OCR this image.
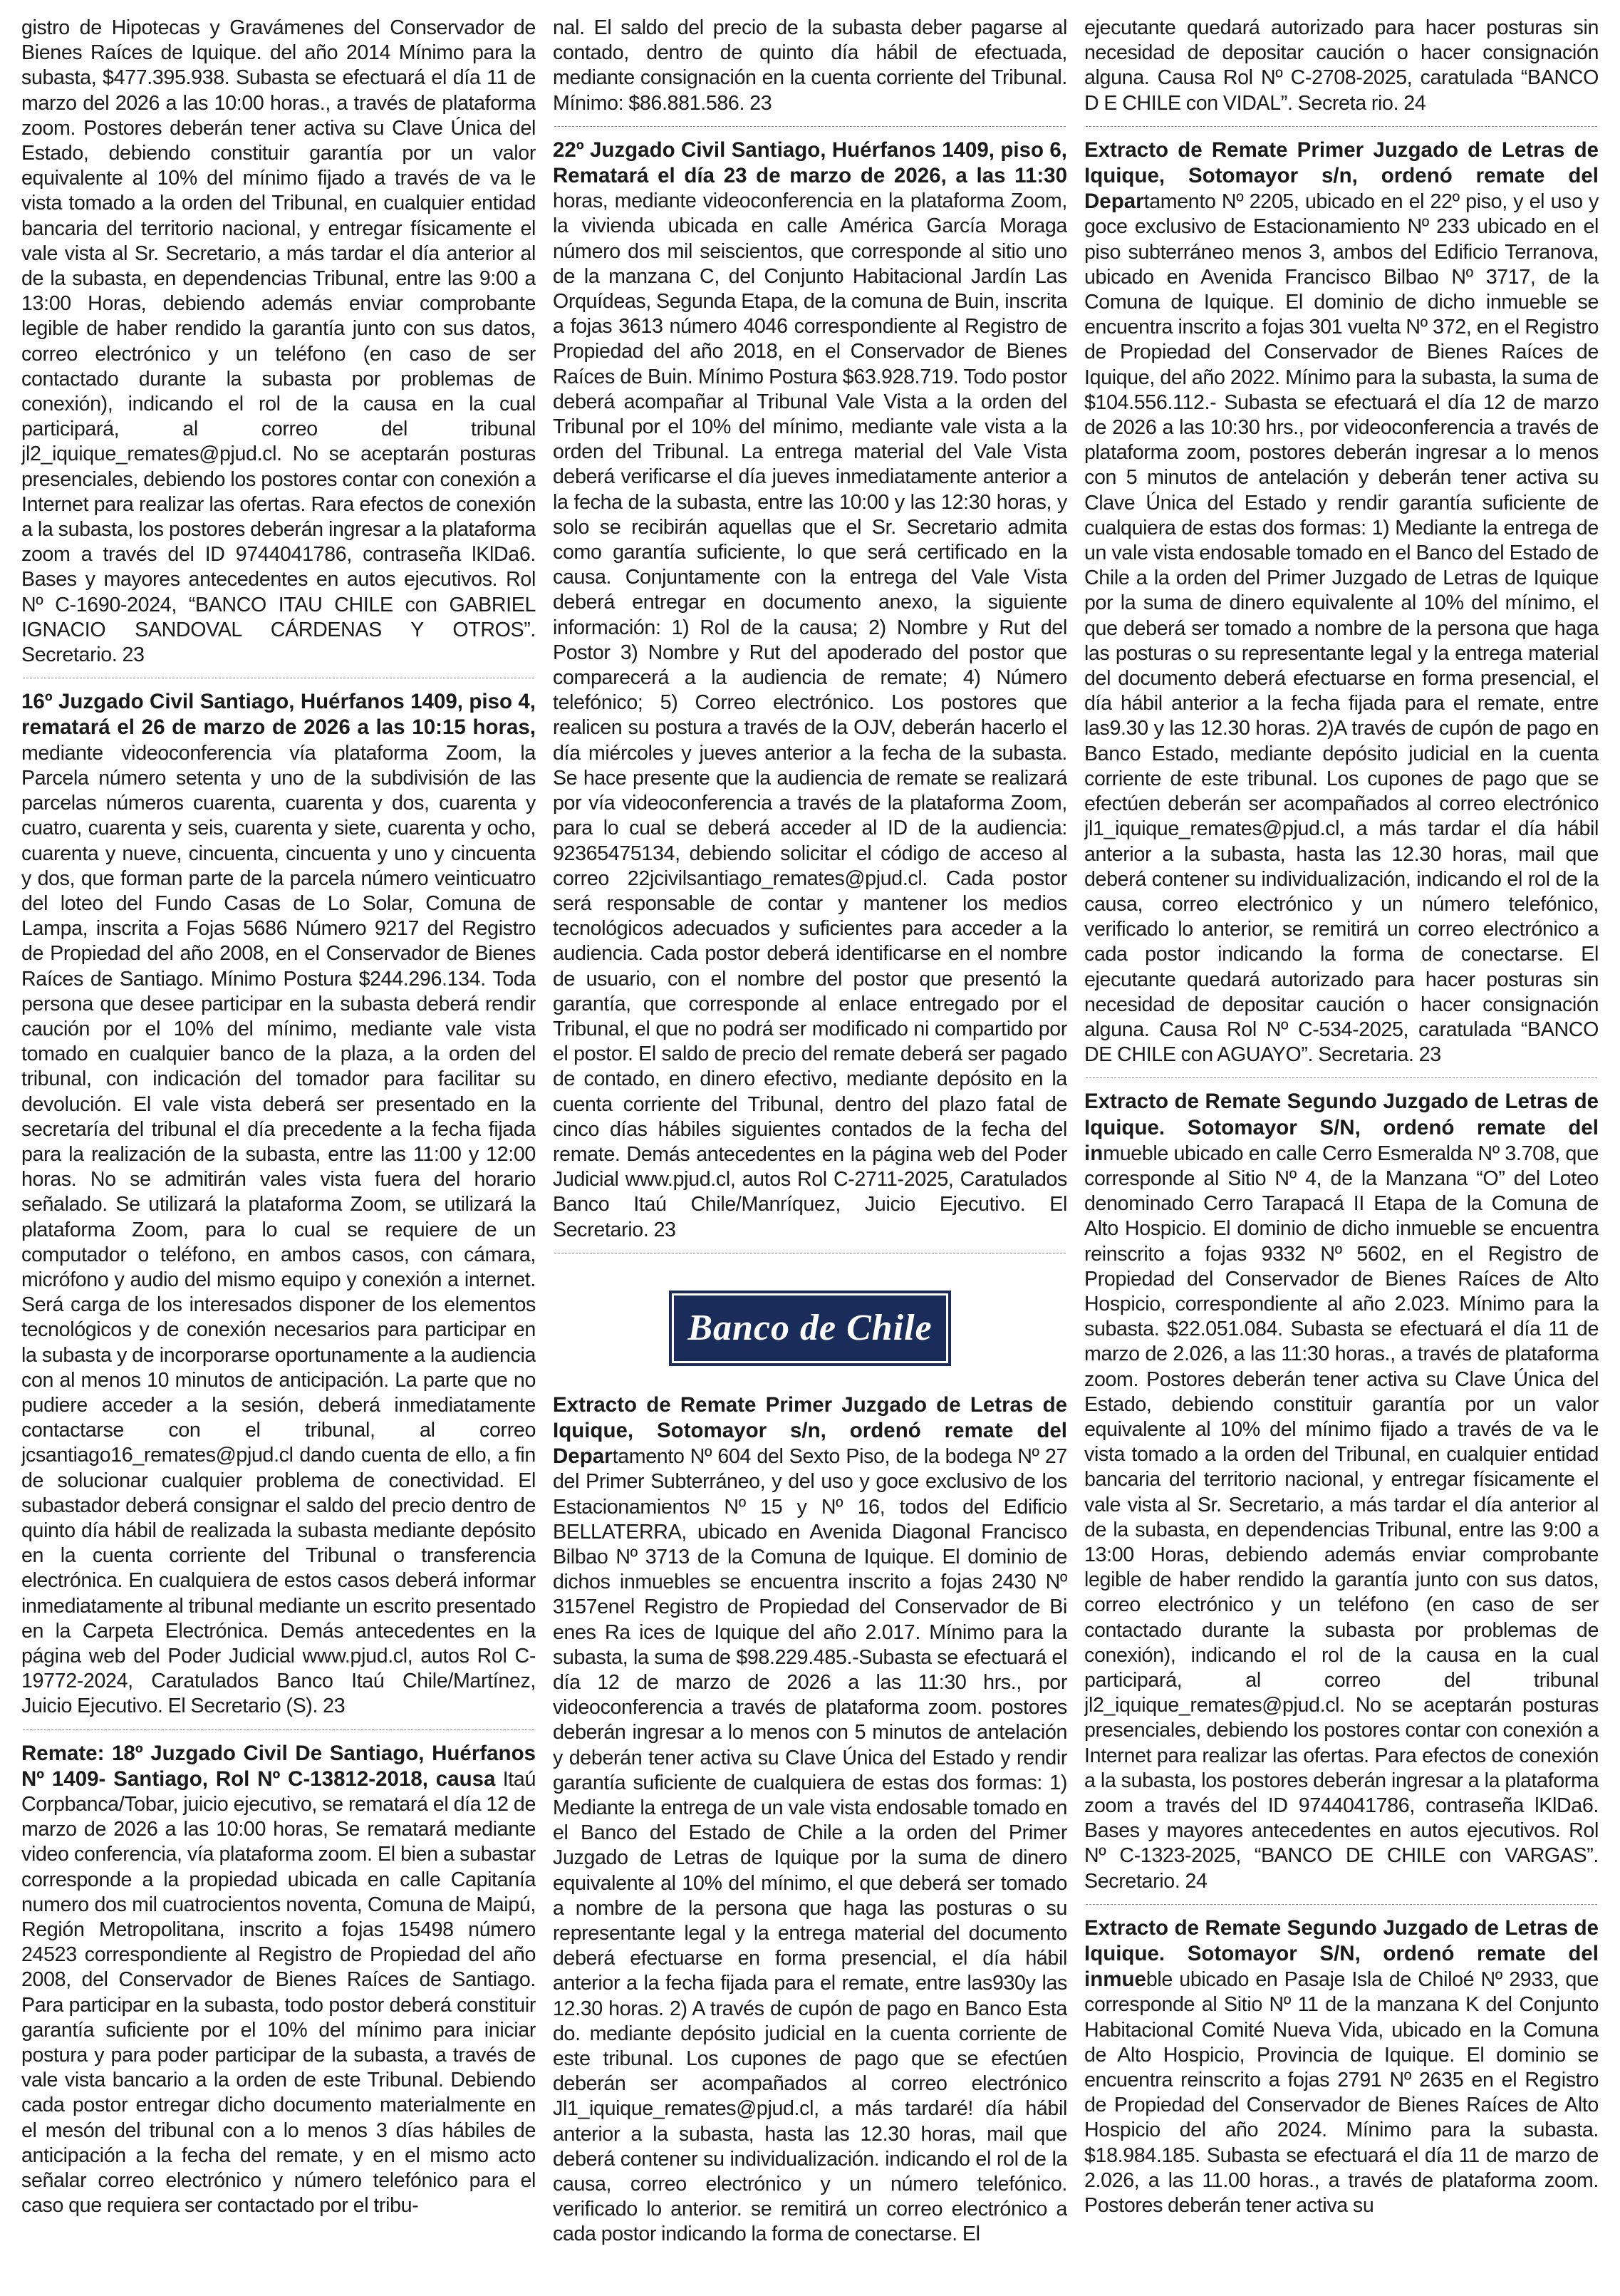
gistro de Hipotecas y Gravámenes del Conservador de Bienes Raíces de Iquique. del año 2014 Mínimo para la subasta, $477.395.938. Subasta se efectuará el día 11 de marzo del 2026 a las 10:00 horas., a través de plataforma zoom. Postores deberán tener activa su Clave Única del Estado, debiendo constituir garantía por un valor equivalente al 10% del mínimo fijado a través de va le vista tomado a la orden del Tribunal, en cualquier entidad bancaria del territorio nacional, y entregar físicamente el vale vista al Sr. Secretario, a más tardar el día anterior al de la subasta, en dependencias Tribunal, entre las 9:00 a 13:00 Horas, debiendo además enviar comprobante legible de haber rendido la garantía junto con sus datos, correo electrónico y un teléfono (en caso de ser contactado durante la subasta por problemas de conexión), indicando el rol de la causa en la cual participará, al correo del tribunal jl2_iquique_remates@pjud.cl. No se aceptarán posturas presenciales, debiendo los postores contar con conexión a Internet para realizar las ofertas. Rara efectos de conexión a la subasta, los postores deberán ingresar a la plataforma zoom a través del ID 9744041786, contraseña lKlDa6. Bases y mayores antecedentes en autos ejecutivos. Rol Nº C-1690-2024, “BANCO ITAU CHILE con GABRIEL IGNACIO SANDOVAL CÁRDENAS Y OTROS”. Secretario. 23

16º Juzgado Civil Santiago, Huérfanos 1409, piso 4, rematará el 26 de marzo de 2026 a las 10:15 horas, mediante videoconferencia vía plataforma Zoom, la Parcela número setenta y uno de la subdivisión de las parcelas números cuarenta, cuarenta y dos, cuarenta y cuatro, cuarenta y seis, cuarenta y siete, cuarenta y ocho, cuarenta y nueve, cincuenta, cincuenta y uno y cincuenta y dos, que forman parte de la parcela número veinticuatro del loteo del Fundo Casas de Lo Solar, Comuna de Lampa, inscrita a Fojas 5686 Número 9217 del Registro de Propiedad del año 2008, en el Conservador de Bienes Raíces de Santiago. Mínimo Postura $244.296.134. Toda persona que desee participar en la subasta deberá rendir caución por el 10% del mínimo, mediante vale vista tomado en cualquier banco de la plaza, a la orden del tribunal, con indicación del tomador para facilitar su devolución. El vale vista deberá ser presentado en la secretaría del tribunal el día precedente a la fecha fijada para la realización de la subasta, entre las 11:00 y 12:00 horas. No se admitirán vales vista fuera del horario señalado. Se utilizará la plataforma Zoom, se utilizará la plataforma Zoom, para lo cual se requiere de un computador o teléfono, en ambos casos, con cámara, micrófono y audio del mismo equipo y conexión a internet. Será carga de los interesados disponer de los elementos tecnológicos y de conexión necesarios para participar en la subasta y de incorporarse oportunamente a la audiencia con al menos 10 minutos de anticipación. La parte que no pudiere acceder a la sesión, deberá inmediatamente contactarse con el tribunal, al correo jcsantiago16_remates@pjud.cl dando cuenta de ello, a fin de solucionar cualquier problema de conectividad. El subastador deberá consignar el saldo del precio dentro de quinto día hábil de realizada la subasta mediante depósito en la cuenta corriente del Tribunal o transferencia electrónica. En cualquiera de estos casos deberá informar inmediatamente al tribunal mediante un escrito presentado en la Carpeta Electrónica. Demás antecedentes en la página web del Poder Judicial www.pjud.cl, autos Rol C-19772-2024, Caratulados Banco Itaú Chile/Martínez, Juicio Ejecutivo. El Secretario (S). 23

Remate: 18º Juzgado Civil De Santiago, Huérfanos Nº 1409- Santiago, Rol Nº C-13812-2018, causa Itaú Corpbanca/Tobar, juicio ejecutivo, se rematará el día 12 de marzo de 2026 a las 10:00 horas, Se rematará mediante video conferencia, vía plataforma zoom. El bien a subastar corresponde a la propiedad ubicada en calle Capitanía numero dos mil cuatrocientos noventa, Comuna de Maipú, Región Metropolitana, inscrito a fojas 15498 número 24523 correspondiente al Registro de Propiedad del año 2008, del Conservador de Bienes Raíces de Santiago. Para participar en la subasta, todo postor deberá constituir garantía suficiente por el 10% del mínimo para iniciar postura y para poder participar de la subasta, a través de vale vista bancario a la orden de este Tribunal. Debiendo cada postor entregar dicho documento materialmente en el mesón del tribunal con a lo menos 3 días hábiles de anticipación a la fecha del remate, y en el mismo acto señalar correo electrónico y número telefónico para el caso que requiera ser contactado por el tribu-

nal. El saldo del precio de la subasta deber pagarse al contado, dentro de quinto día hábil de efectuada, mediante consignación en la cuenta corriente del Tribunal. Mínimo: $86.881.586. 23

22º Juzgado Civil Santiago, Huérfanos 1409, piso 6, Rematará el día 23 de marzo de 2026, a las 11:30 horas, mediante videoconferencia en la plataforma Zoom, la vivienda ubicada en calle América García Moraga número dos mil seiscientos, que corresponde al sitio uno de la manzana C, del Conjunto Habitacional Jardín Las Orquídeas, Segunda Etapa, de la comuna de Buin, inscrita a fojas 3613 número 4046 correspondiente al Registro de Propiedad del año 2018, en el Conservador de Bienes Raíces de Buin. Mínimo Postura $63.928.719. Todo postor deberá acompañar al Tribunal Vale Vista a la orden del Tribunal por el 10% del mínimo, mediante vale vista a la orden del Tribunal. La entrega material del Vale Vista deberá verificarse el día jueves inmediatamente anterior a la fecha de la subasta, entre las 10:00 y las 12:30 horas, y solo se recibirán aquellas que el Sr. Secretario admita como garantía suficiente, lo que será certificado en la causa. Conjuntamente con la entrega del Vale Vista deberá entregar en documento anexo, la siguiente información: 1) Rol de la causa; 2) Nombre y Rut del Postor 3) Nombre y Rut del apoderado del postor que comparecerá a la audiencia de remate; 4) Número telefónico; 5) Correo electrónico. Los postores que realicen su postura a través de la OJV, deberán hacerlo el día miércoles y jueves anterior a la fecha de la subasta. Se hace presente que la audiencia de remate se realizará por vía videoconferencia a través de la plataforma Zoom, para lo cual se deberá acceder al ID de la audiencia: 92365475134, debiendo solicitar el código de acceso al correo 22jcivilsantiago_remates@pjud.cl. Cada postor será responsable de contar y mantener los medios tecnológicos adecuados y suficientes para acceder a la audiencia. Cada postor deberá identificarse en el nombre de usuario, con el nombre del postor que presentó la garantía, que corresponde al enlace entregado por el Tribunal, el que no podrá ser modificado ni compartido por el postor. El saldo de precio del remate deberá ser pagado de contado, en dinero efectivo, mediante depósito en la cuenta corriente del Tribunal, dentro del plazo fatal de cinco días hábiles siguientes contados de la fecha del remate. Demás antecedentes en la página web del Poder Judicial www.pjud.cl, autos Rol C-2711-2025, Caratulados Banco Itaú Chile/Manríquez, Juicio Ejecutivo. El Secretario. 23

Banco de Chile

Extracto de Remate Primer Juzgado de Letras de Iquique, Sotomayor s/n, ordenó remate del Departamento Nº 604 del Sexto Piso, de la bodega Nº 27 del Primer Subterráneo, y del uso y goce exclusivo de los Estacionamientos Nº 15 y Nº 16, todos del Edificio BELLATERRA, ubicado en Avenida Diagonal Francisco Bilbao Nº 3713 de la Comuna de Iquique. El dominio de dichos inmuebles se encuentra inscrito a fojas 2430 Nº 3157enel Registro de Propiedad del Conservador de Bi enes Ra ices de Iquique del año 2.017. Mínimo para la subasta, la suma de $98.229.485.-Subasta se efectuará el día 12 de marzo de 2026 a las 11:30 hrs., por videoconferencia a través de plataforma zoom. postores deberán ingresar a lo menos con 5 minutos de antelación y deberán tener activa su Clave Única del Estado y rendir garantía suficiente de cualquiera de estas dos formas: 1) Mediante la entrega de un vale vista endosable tomado en el Banco del Estado de Chile a la orden del Primer Juzgado de Letras de Iquique por la suma de dinero equivalente al 10% del mínimo, el que deberá ser tomado a nombre de la persona que haga las posturas o su representante legal y la entrega material del documento deberá efectuarse en forma presencial, el día hábil anterior a la fecha fijada para el remate, entre las930y las 12.30 horas. 2) A través de cupón de pago en Banco Esta do. mediante depósito judicial en la cuenta corriente de este tribunal. Los cupones de pago que se efectúen deberán ser acompañados al correo electrónico Jl1_iquique_remates@pjud.cl, a más tardaré! día hábil anterior a la subasta, hasta las 12.30 horas, mail que deberá contener su individualización. indicando el rol de la causa, correo electrónico y un número telefónico. verificado lo anterior. se remitirá un correo electrónico a cada postor indicando la forma de conectarse. El

ejecutante quedará autorizado para hacer posturas sin necesidad de depositar caución o hacer consignación alguna. Causa Rol Nº C-2708-2025, caratulada “BANCO D E CHILE con VIDAL”. Secreta rio. 24

Extracto de Remate Primer Juzgado de Letras de Iquique, Sotomayor s/n, ordenó remate del Departamento Nº 2205, ubicado en el 22º piso, y el uso y goce exclusivo de Estacionamiento Nº 233 ubicado en el piso subterráneo menos 3, ambos del Edificio Terranova, ubicado en Avenida Francisco Bilbao Nº 3717, de la Comuna de Iquique. El dominio de dicho inmueble se encuentra inscrito a fojas 301 vuelta Nº 372, en el Registro de Propiedad del Conservador de Bienes Raíces de Iquique, del año 2022. Mínimo para la subasta, la suma de $104.556.112.- Subasta se efectuará el día 12 de marzo de 2026 a las 10:30 hrs., por videoconferencia a través de plataforma zoom, postores deberán ingresar a lo menos con 5 minutos de antelación y deberán tener activa su Clave Única del Estado y rendir garantía suficiente de cualquiera de estas dos formas: 1) Mediante la entrega de un vale vista endosable tomado en el Banco del Estado de Chile a la orden del Primer Juzgado de Letras de Iquique por la suma de dinero equivalente al 10% del mínimo, el que deberá ser tomado a nombre de la persona que haga las posturas o su representante legal y la entrega material del documento deberá efectuarse en forma presencial, el día hábil anterior a la fecha fijada para el remate, entre las9.30 y las 12.30 horas. 2)A través de cupón de pago en Banco Estado, mediante depósito judicial en la cuenta corriente de este tribunal. Los cupones de pago que se efectúen deberán ser acompañados al correo electrónico jl1_iquique_remates@pjud.cl, a más tardar el día hábil anterior a la subasta, hasta las 12.30 horas, mail que deberá contener su individualización, indicando el rol de la causa, correo electrónico y un número telefónico, verificado lo anterior, se remitirá un correo electrónico a cada postor indicando la forma de conectarse. El ejecutante quedará autorizado para hacer posturas sin necesidad de depositar caución o hacer consignación alguna. Causa Rol Nº C-534-2025, caratulada “BANCO DE CHILE con AGUAYO”. Secretaria. 23

Extracto de Remate Segundo Juzgado de Letras de Iquique. Sotomayor S/N, ordenó remate del inmueble ubicado en calle Cerro Esmeralda Nº 3.708, que corresponde al Sitio Nº 4, de la Manzana “O” del Loteo denominado Cerro Tarapacá II Etapa de la Comuna de Alto Hospicio. El dominio de dicho inmueble se encuentra reinscrito a fojas 9332 Nº 5602, en el Registro de Propiedad del Conservador de Bienes Raíces de Alto Hospicio, correspondiente al año 2.023. Mínimo para la subasta. $22.051.084. Subasta se efectuará el día 11 de marzo de 2.026, a las 11:30 horas., a través de plataforma zoom. Postores deberán tener activa su Clave Única del Estado, debiendo constituir garantía por un valor equivalente al 10% del mínimo fijado a través de va le vista tomado a la orden del Tribunal, en cualquier entidad bancaria del territorio nacional, y entregar físicamente el vale vista al Sr. Secretario, a más tardar el día anterior al de la subasta, en dependencias Tribunal, entre las 9:00 a 13:00 Horas, debiendo además enviar comprobante legible de haber rendido la garantía junto con sus datos, correo electrónico y un teléfono (en caso de ser contactado durante la subasta por problemas de conexión), indicando el rol de la causa en la cual participará, al correo del tribunal jl2_iquique_remates@pjud.cl. No se aceptarán posturas presenciales, debiendo los postores contar con conexión a Internet para realizar las ofertas. Para efectos de conexión a la subasta, los postores deberán ingresar a la plataforma zoom a través del ID 9744041786, contraseña lKlDa6. Bases y mayores antecedentes en autos ejecutivos. Rol Nº C-1323-2025, “BANCO DE CHILE con VARGAS”. Secretario. 24

Extracto de Remate Segundo Juzgado de Letras de Iquique. Sotomayor S/N, ordenó remate del inmueble ubicado en Pasaje Isla de Chiloé Nº 2933, que corresponde al Sitio Nº 11 de la manzana K del Conjunto Habitacional Comité Nueva Vida, ubicado en la Comuna de Alto Hospicio, Provincia de Iquique. El dominio se encuentra reinscrito a fojas 2791 Nº 2635 en el Registro de Propiedad del Conservador de Bienes Raíces de Alto Hospicio del año 2024. Mínimo para la subasta. $18.984.185. Subasta se efectuará el día 11 de marzo de 2.026, a las 11.00 horas., a través de plataforma zoom. Postores deberán tener activa su
